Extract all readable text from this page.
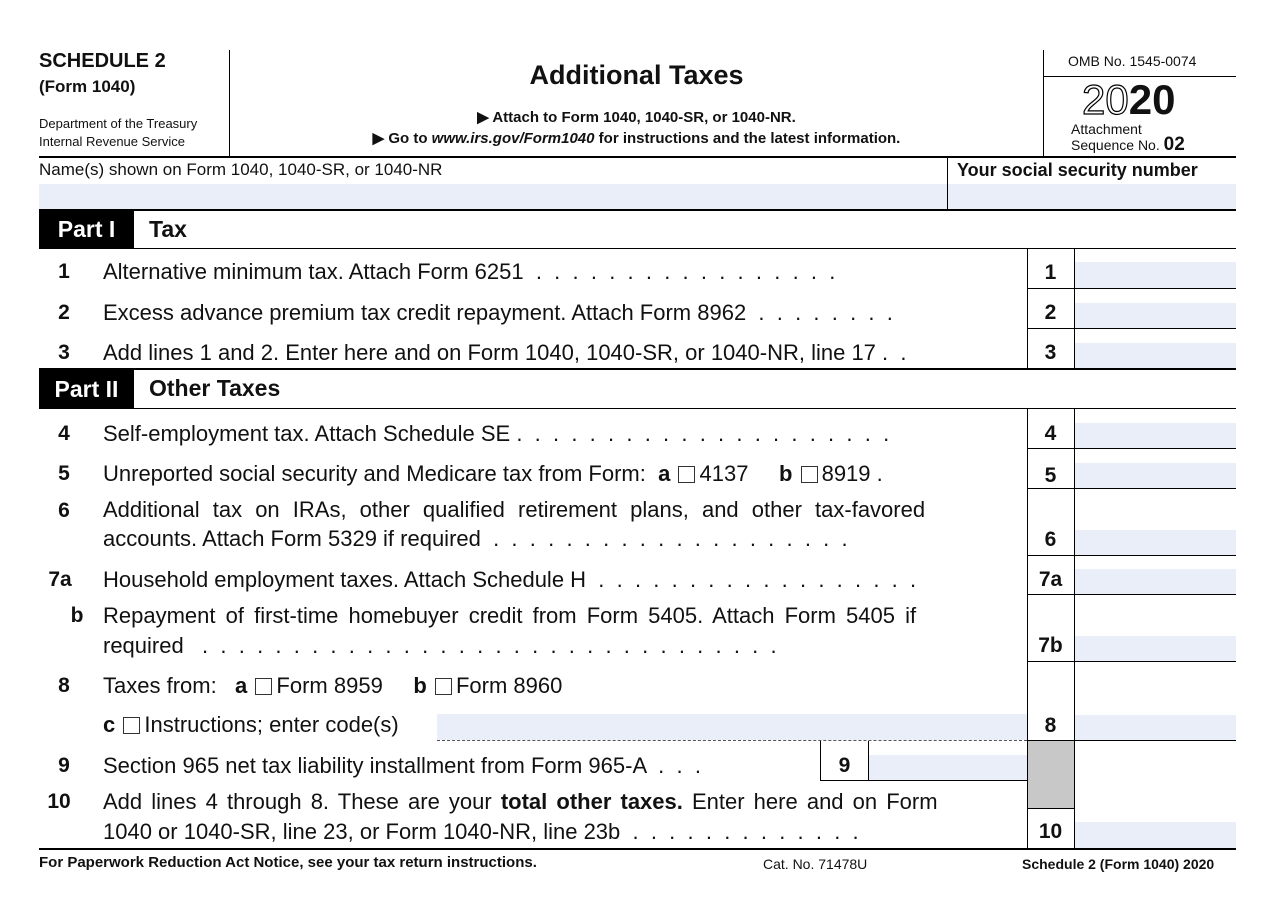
SCHEDULE 2
(Form 1040)
Department of the Treasury
Internal Revenue Service
Additional Taxes
▶ Attach to Form 1040, 1040-SR, or 1040-NR.
▶ Go to www.irs.gov/Form1040 for instructions and the latest information.
OMB No. 1545-0074
2020
Attachment
Sequence No. 02
Name(s) shown on Form 1040, 1040-SR, or 1040-NR	Your social security number
Part I	Tax
1	Alternative minimum tax. Attach Form 6251  .  .  .  .  .  .  .  .  .  .  .  .  .  .  .  .  .	1
2	Excess advance premium tax credit repayment. Attach Form 8962  .  .  .  .  .  .  .  .	2
3	Add lines 1 and 2. Enter here and on Form 1040, 1040-SR, or 1040-NR, line 17 .  .	3
Part II	Other Taxes
4	Self-employment tax. Attach Schedule SE .  .  .  .  .  .  .  .  .  .  .  .  .  .  .  .  .  .  .  .  .	4
5	Unreported social security and Medicare tax from Form: a 4137 b 8919 .	5
6	Additional tax on IRAs, other qualified retirement plans, and other tax-favored
accounts. Attach Form 5329 if required  .  .  .  .  .  .  .  .  .  .  .  .  .  .  .  .  .  .  .  .	6
7a	Household employment taxes. Attach Schedule H  .  .  .  .  .  .  .  .  .  .  .  .  .  .  .  .  .  .	7a
b Repayment of first-time homebuyer credit from Form 5405. Attach Form 5405 if
required   .  .  .  .  .  .  .  .  .  .  .  .  .  .  .  .  .  .  .  .  .  .  .  .  .  .  .  .  .  .  .  .	7b
8	Taxes from: a Form 8959 b Form 8960
c Instructions; enter code(s)	8
9	Section 965 net tax liability installment from Form 965-A  .  .  .	9
10 Add lines 4 through 8. These are your total other taxes. Enter here and on Form
1040 or 1040-SR, line 23, or Form 1040-NR, line 23b  .  .  .  .  .  .  .  .  .  .  .  .  .	10
For Paperwork Reduction Act Notice, see your tax return instructions.	Cat. No. 71478U	Schedule 2 (Form 1040) 2020
